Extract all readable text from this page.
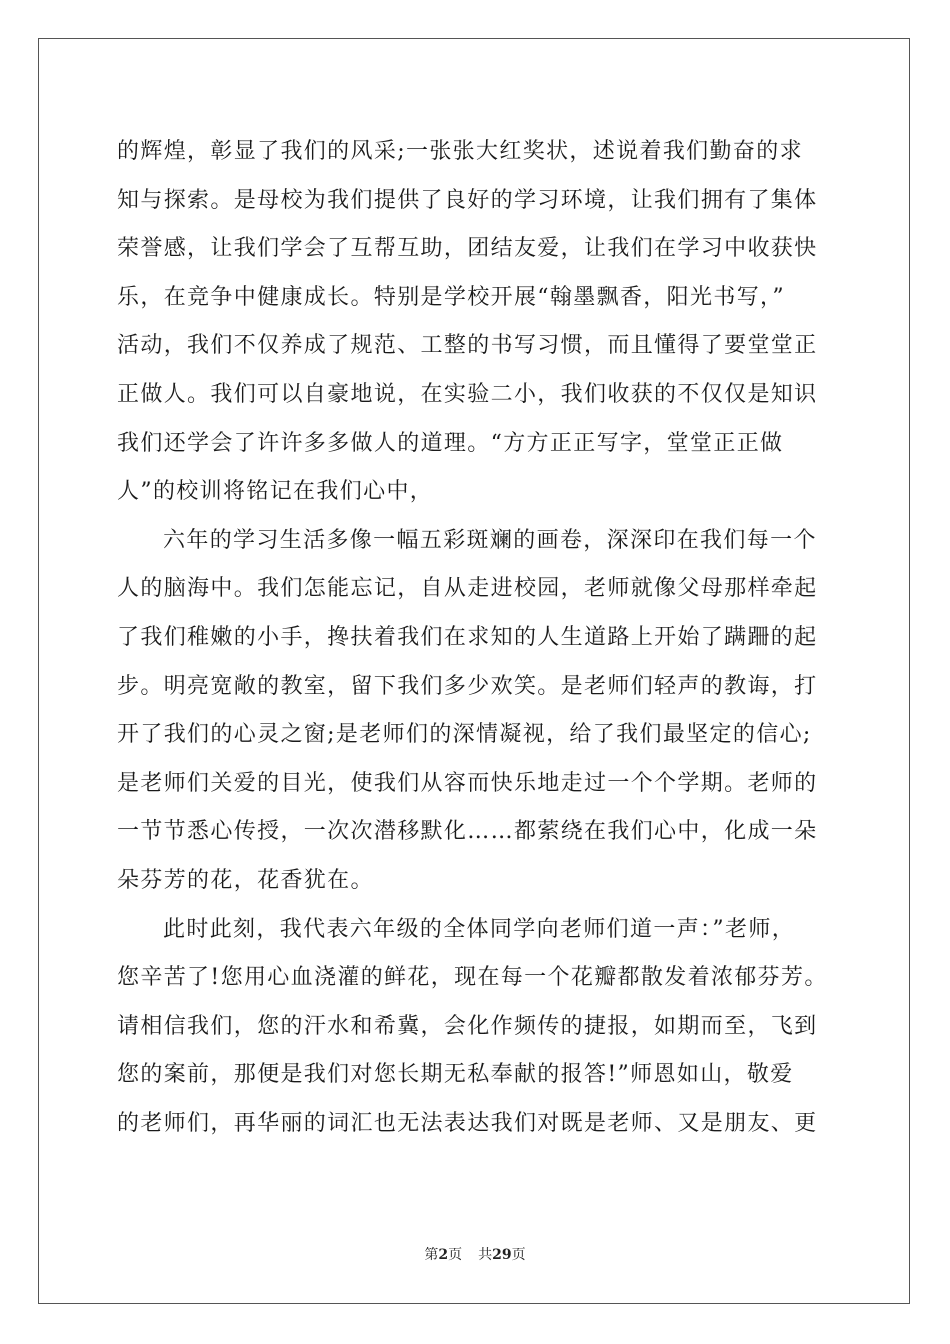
的辉煌，彰显了我们的风采;一张张大红奖状，述说着我们勤奋的求
知与探索。是母校为我们提供了良好的学习环境，让我们拥有了集体
荣誉感，让我们学会了互帮互助，团结友爱，让我们在学习中收获快
乐，在竞争中健康成长。特别是学校开展“翰墨飘香，阳光书写，”
活动，我们不仅养成了规范、工整的书写习惯，而且懂得了要堂堂正
正做人。我们可以自豪地说，在实验二小，我们收获的不仅仅是知识
我们还学会了许许多多做人的道理。“方方正正写字，堂堂正正做
人”的校训将铭记在我们心中，
六年的学习生活多像一幅五彩斑斓的画卷，深深印在我们每一个
人的脑海中。我们怎能忘记，自从走进校园，老师就像父母那样牵起
了我们稚嫩的小手，搀扶着我们在求知的人生道路上开始了蹒跚的起
步。明亮宽敞的教室，留下我们多少欢笑。是老师们轻声的教诲，打
开了我们的心灵之窗;是老师们的深情凝视，给了我们最坚定的信心;
是老师们关爱的目光，使我们从容而快乐地走过一个个学期。老师的
一节节悉心传授，一次次潜移默化……都萦绕在我们心中，化成一朵
朵芬芳的花，花香犹在。
此时此刻，我代表六年级的全体同学向老师们道一声：”老师，
您辛苦了!您用心血浇灌的鲜花，现在每一个花瓣都散发着浓郁芬芳。
请相信我们，您的汗水和希冀，会化作频传的捷报，如期而至，飞到
您的案前，那便是我们对您长期无私奉献的报答!”师恩如山，敬爱
的老师们，再华丽的词汇也无法表达我们对既是老师、又是朋友、更
第2页 共29页
